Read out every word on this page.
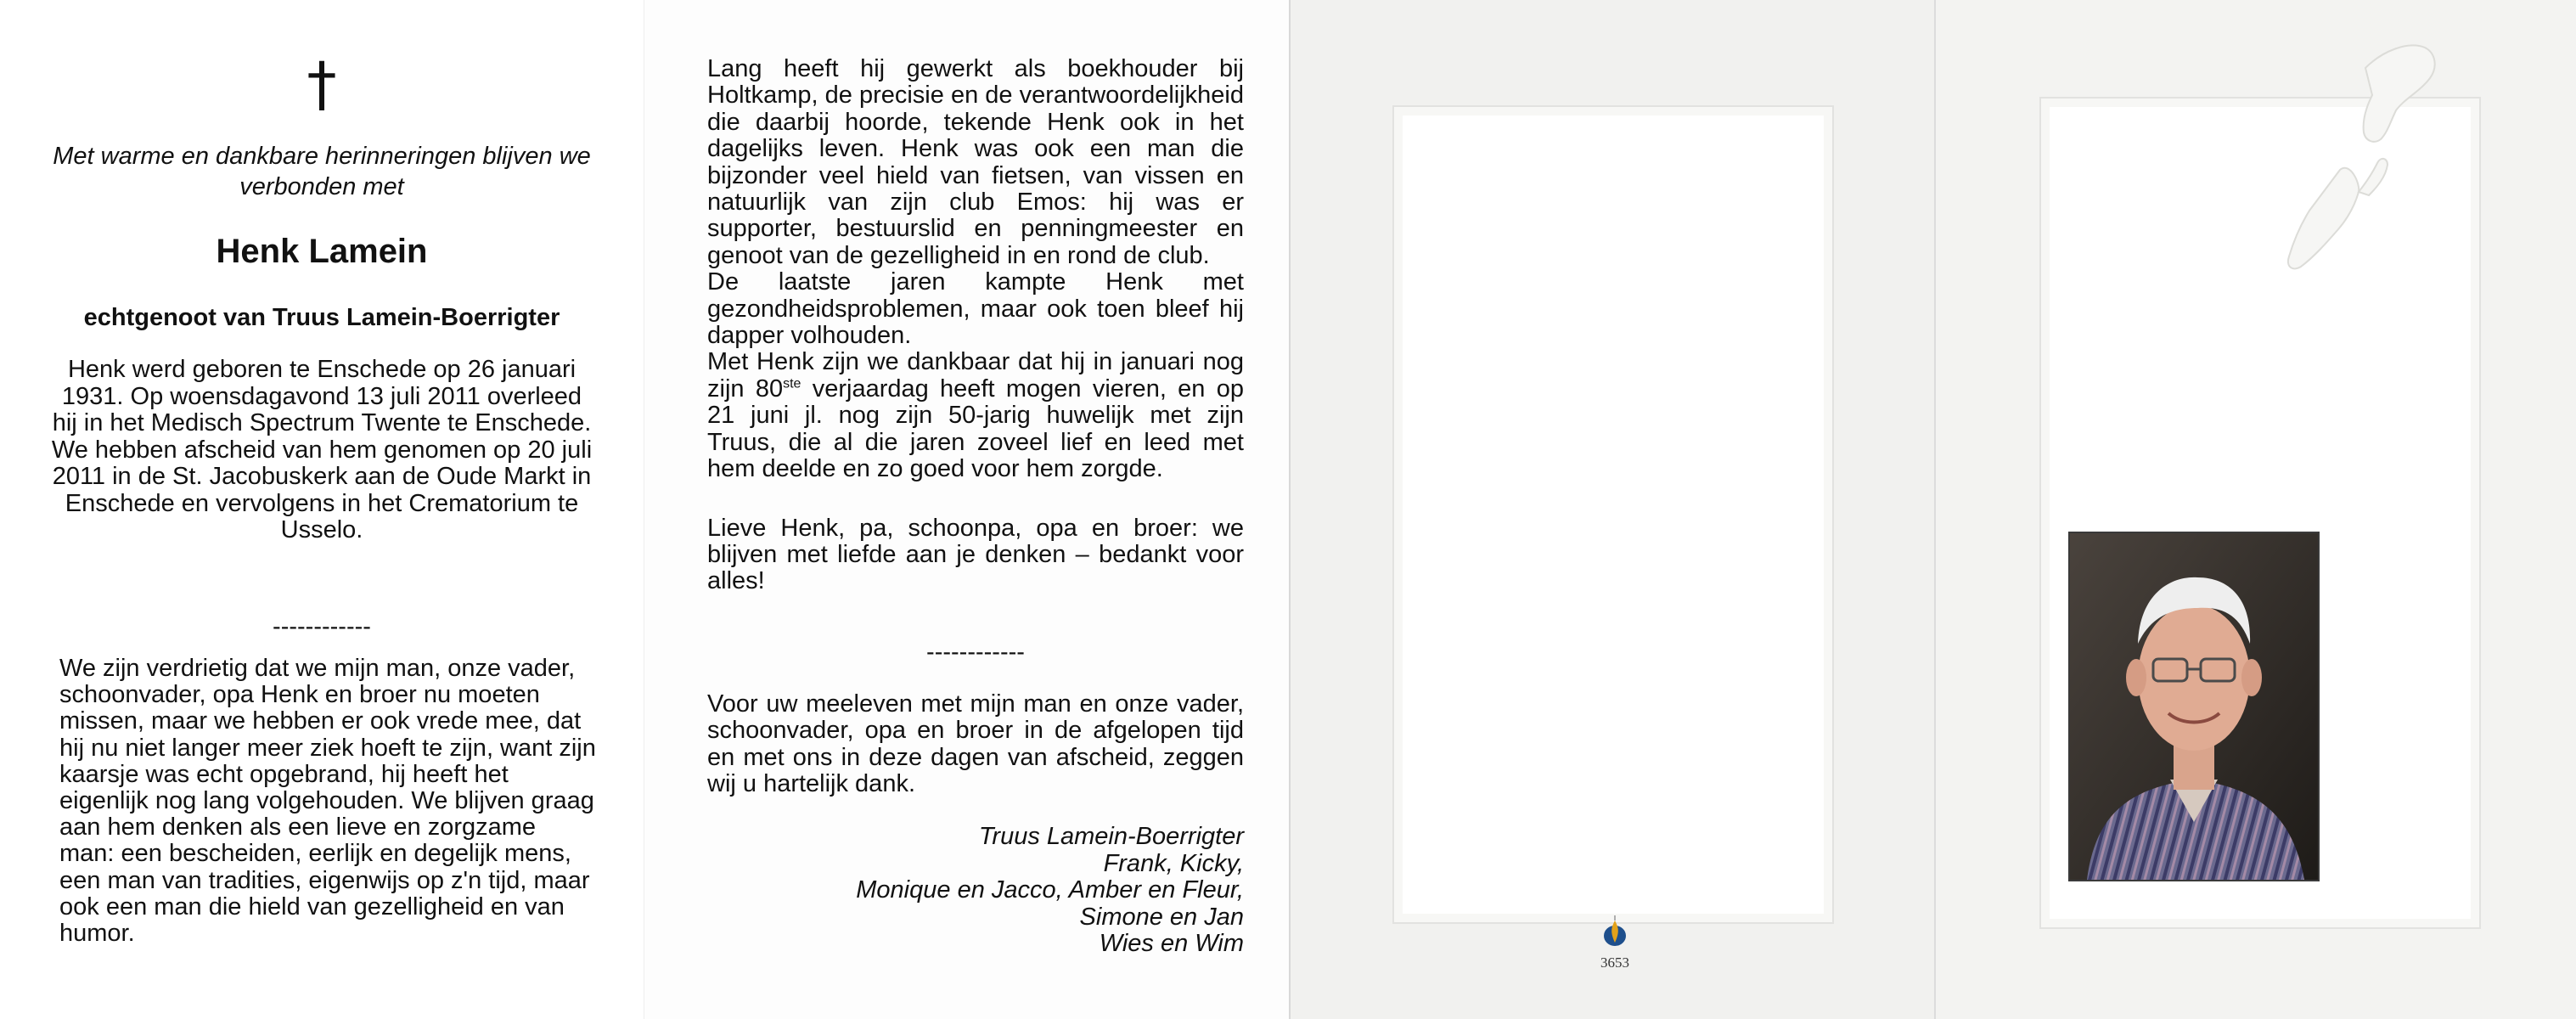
†
Met warme en dankbare herinneringen blijven we verbonden met
Henk Lamein
echtgenoot van Truus Lamein-Boerrigter
Henk werd geboren te Enschede op 26 januari 1931. Op woensdagavond 13 juli 2011 overleed hij in het Medisch Spectrum Twente te Enschede. We hebben afscheid van hem genomen op 20 juli 2011 in de St. Jacobuskerk aan de Oude Markt in Enschede en vervolgens in het Crematorium te Usselo.
------------
We zijn verdrietig dat we mijn man, onze vader, schoonvader, opa Henk en broer nu moeten missen, maar we hebben er ook vrede mee, dat hij nu niet langer meer ziek hoeft te zijn, want zijn kaarsje was echt opgebrand, hij heeft het eigenlijk nog lang volgehouden. We blijven graag aan hem denken als een lieve en zorgzame man: een bescheiden, eerlijk en degelijk mens, een man van tradities, eigenwijs op z'n tijd, maar ook een man die hield van gezelligheid en van humor.

Lang heeft hij gewerkt als boekhouder bij Holtkamp, de precisie en de verantwoordelijkheid die daarbij hoorde, tekende Henk ook in het dagelijks leven. Henk was ook een man die bijzonder veel hield van fietsen, van vissen en natuurlijk van zijn club Emos: hij was er supporter, bestuurslid en penningmeester en genoot van de gezelligheid in en rond de club.

De laatste jaren kampte Henk met gezondheidsproblemen, maar ook toen bleef hij dapper volhouden.

Met Henk zijn we dankbaar dat hij in januari nog zijn 80ste verjaardag heeft mogen vieren, en op 21 juni jl. nog zijn 50-jarig huwelijk met zijn Truus, die al die jaren zoveel lief en leed met hem deelde en zo goed voor hem zorgde.

Lieve Henk, pa, schoonpa, opa en broer: we blijven met liefde aan je denken – bedankt voor alles!

------------
Voor uw meeleven met mijn man en onze vader, schoonvader, opa en broer in de afgelopen tijd en met ons in deze dagen van afscheid, zeggen wij u hartelijk dank.
Truus Lamein-Boerrigter
Frank, Kicky,
Monique en Jacco, Amber en Fleur,
Simone en Jan
Wies en Wim
3653
